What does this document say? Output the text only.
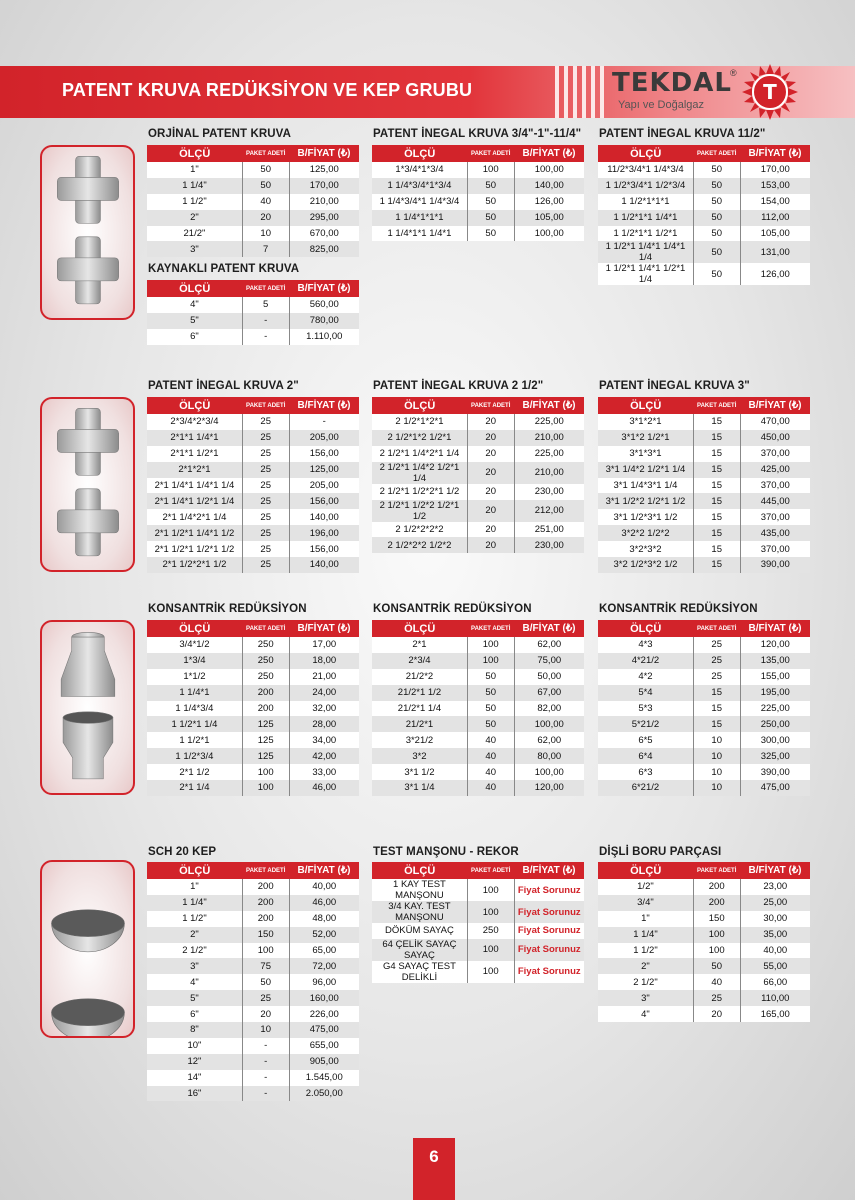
PATENT KRUVA REDÜKSİYON VE KEP GRUBU	TEKDAL
®
Yapı ve Doğalgaz
T
ORJİNAL PATENT KRUVA	PATENT İNEGAL KRUVA 3/4"-1"-11/4" PATENT İNEGAL KRUVA 11/2"
KAYNAKLI PATENT KRUVA
PATENT İNEGAL KRUVA 2"	PATENT İNEGAL KRUVA 2 1/2"	PATENT İNEGAL KRUVA 3"
KONSANTRİK REDÜKSİYON	KONSANTRİK REDÜKSİYON	KONSANTRİK REDÜKSİYON
SCH 20 KEP	TEST MANŞONU - REKOR	DİŞLİ BORU PARÇASI
ÖLÇÜ	PAKET ADETİ	B/FİYAT (₺)
1"	50	125,00
1 1/4"	50	170,00
1 1/2"	40	210,00
2"	20	295,00
21/2"	10	670,00
3"	7	825,00
ÖLÇÜ	PAKET ADETİ	B/FİYAT (₺)
1*3/4*1*3/4	100	100,00
1 1/4*3/4*1*3/4	50	140,00
1 1/4*3/4*1 1/4*3/4	50	126,00
1 1/4*1*1*1	50	105,00
1 1/4*1*1 1/4*1	50	100,00
ÖLÇÜ	PAKET ADETİ	B/FİYAT (₺)
11/2*3/4*1 1/4*3/4	50	170,00
1 1/2*3/4*1 1/2*3/4	50	153,00
1 1/2*1*1*1	50	154,00
1 1/2*1*1 1/4*1	50	112,00
1 1/2*1*1 1/2*1	50	105,00
1 1/2*1 1/4*1 1/4*1 1/4	50	131,00
1 1/2*1 1/4*1 1/2*1 1/4	50	126,00
ÖLÇÜ	PAKET ADETİ	B/FİYAT (₺)
4"	5	560,00
5"	-	780,00
6"	-	1.110,00
ÖLÇÜ	PAKET ADETİ	B/FİYAT (₺)
2*3/4*2*3/4	25	-
2*1*1 1/4*1	25	205,00
2*1*1 1/2*1	25	156,00
2*1*2*1	25	125,00
2*1 1/4*1 1/4*1 1/4	25	205,00
2*1 1/4*1 1/2*1 1/4	25	156,00
2*1 1/4*2*1 1/4	25	140,00
2*1 1/2*1 1/4*1 1/2	25	196,00
2*1 1/2*1 1/2*1 1/2	25	156,00
2*1 1/2*2*1 1/2	25	140,00
ÖLÇÜ	PAKET ADETİ	B/FİYAT (₺)
2 1/2*1*2*1	20	225,00
2 1/2*1*2 1/2*1	20	210,00
2 1/2*1 1/4*2*1 1/4	20	225,00
2 1/2*1 1/4*2 1/2*1 1/4	20	210,00
2 1/2*1 1/2*2*1 1/2	20	230,00
2 1/2*1 1/2*2 1/2*1 1/2	20	212,00
2 1/2*2*2*2	20	251,00
2 1/2*2*2 1/2*2	20	230,00
ÖLÇÜ	PAKET ADETİ	B/FİYAT (₺)
3*1*2*1	15	470,00
3*1*2 1/2*1	15	450,00
3*1*3*1	15	370,00
3*1 1/4*2 1/2*1 1/4	15	425,00
3*1 1/4*3*1 1/4	15	370,00
3*1 1/2*2 1/2*1 1/2	15	445,00
3*1 1/2*3*1 1/2	15	370,00
3*2*2 1/2*2	15	435,00
3*2*3*2	15	370,00
3*2 1/2*3*2 1/2	15	390,00
ÖLÇÜ	PAKET ADETİ	B/FİYAT (₺)
3/4*1/2	250	17,00
1*3/4	250	18,00
1*1/2	250	21,00
1 1/4*1	200	24,00
1 1/4*3/4	200	32,00
1 1/2*1 1/4	125	28,00
1 1/2*1	125	34,00
1 1/2*3/4	125	42,00
2*1 1/2	100	33,00
2*1 1/4	100	46,00
ÖLÇÜ	PAKET ADETİ	B/FİYAT (₺)
2*1	100	62,00
2*3/4	100	75,00
21/2*2	50	50,00
21/2*1 1/2	50	67,00
21/2*1 1/4	50	82,00
21/2*1	50	100,00
3*21/2	40	62,00
3*2	40	80,00
3*1 1/2	40	100,00
3*1 1/4	40	120,00
ÖLÇÜ	PAKET ADETİ	B/FİYAT (₺)
4*3	25	120,00
4*21/2	25	135,00
4*2	25	155,00
5*4	15	195,00
5*3	15	225,00
5*21/2	15	250,00
6*5	10	300,00
6*4	10	325,00
6*3	10	390,00
6*21/2	10	475,00
ÖLÇÜ	PAKET ADETİ	B/FİYAT (₺)
1"	200	40,00
1 1/4"	200	46,00
1 1/2"	200	48,00
2"	150	52,00
2 1/2"	100	65,00
3"	75	72,00
4"	50	96,00
5"	25	160,00
6"	20	226,00
8"	10	475,00
10"	-	655,00
12"	-	905,00
14"	-	1.545,00
16"	-	2.050,00
ÖLÇÜ	PAKET ADETİ	B/FİYAT (₺)
1 KAY TEST MANŞONU	100	Fiyat Sorunuz
3/4 KAY. TEST MANŞONU	100	Fiyat Sorunuz
DÖKÜM SAYAÇ	250	Fiyat Sorunuz
64 ÇELİK SAYAÇ SAYAÇ	100	Fiyat Sorunuz
G4 SAYAÇ TEST DELİKLİ	100	Fiyat Sorunuz
ÖLÇÜ	PAKET ADETİ	B/FİYAT (₺)
1/2"	200	23,00
3/4"	200	25,00
1"	150	30,00
1 1/4"	100	35,00
1 1/2"	100	40,00
2"	50	55,00
2 1/2"	40	66,00
3"	25	110,00
4"	20	165,00
6
